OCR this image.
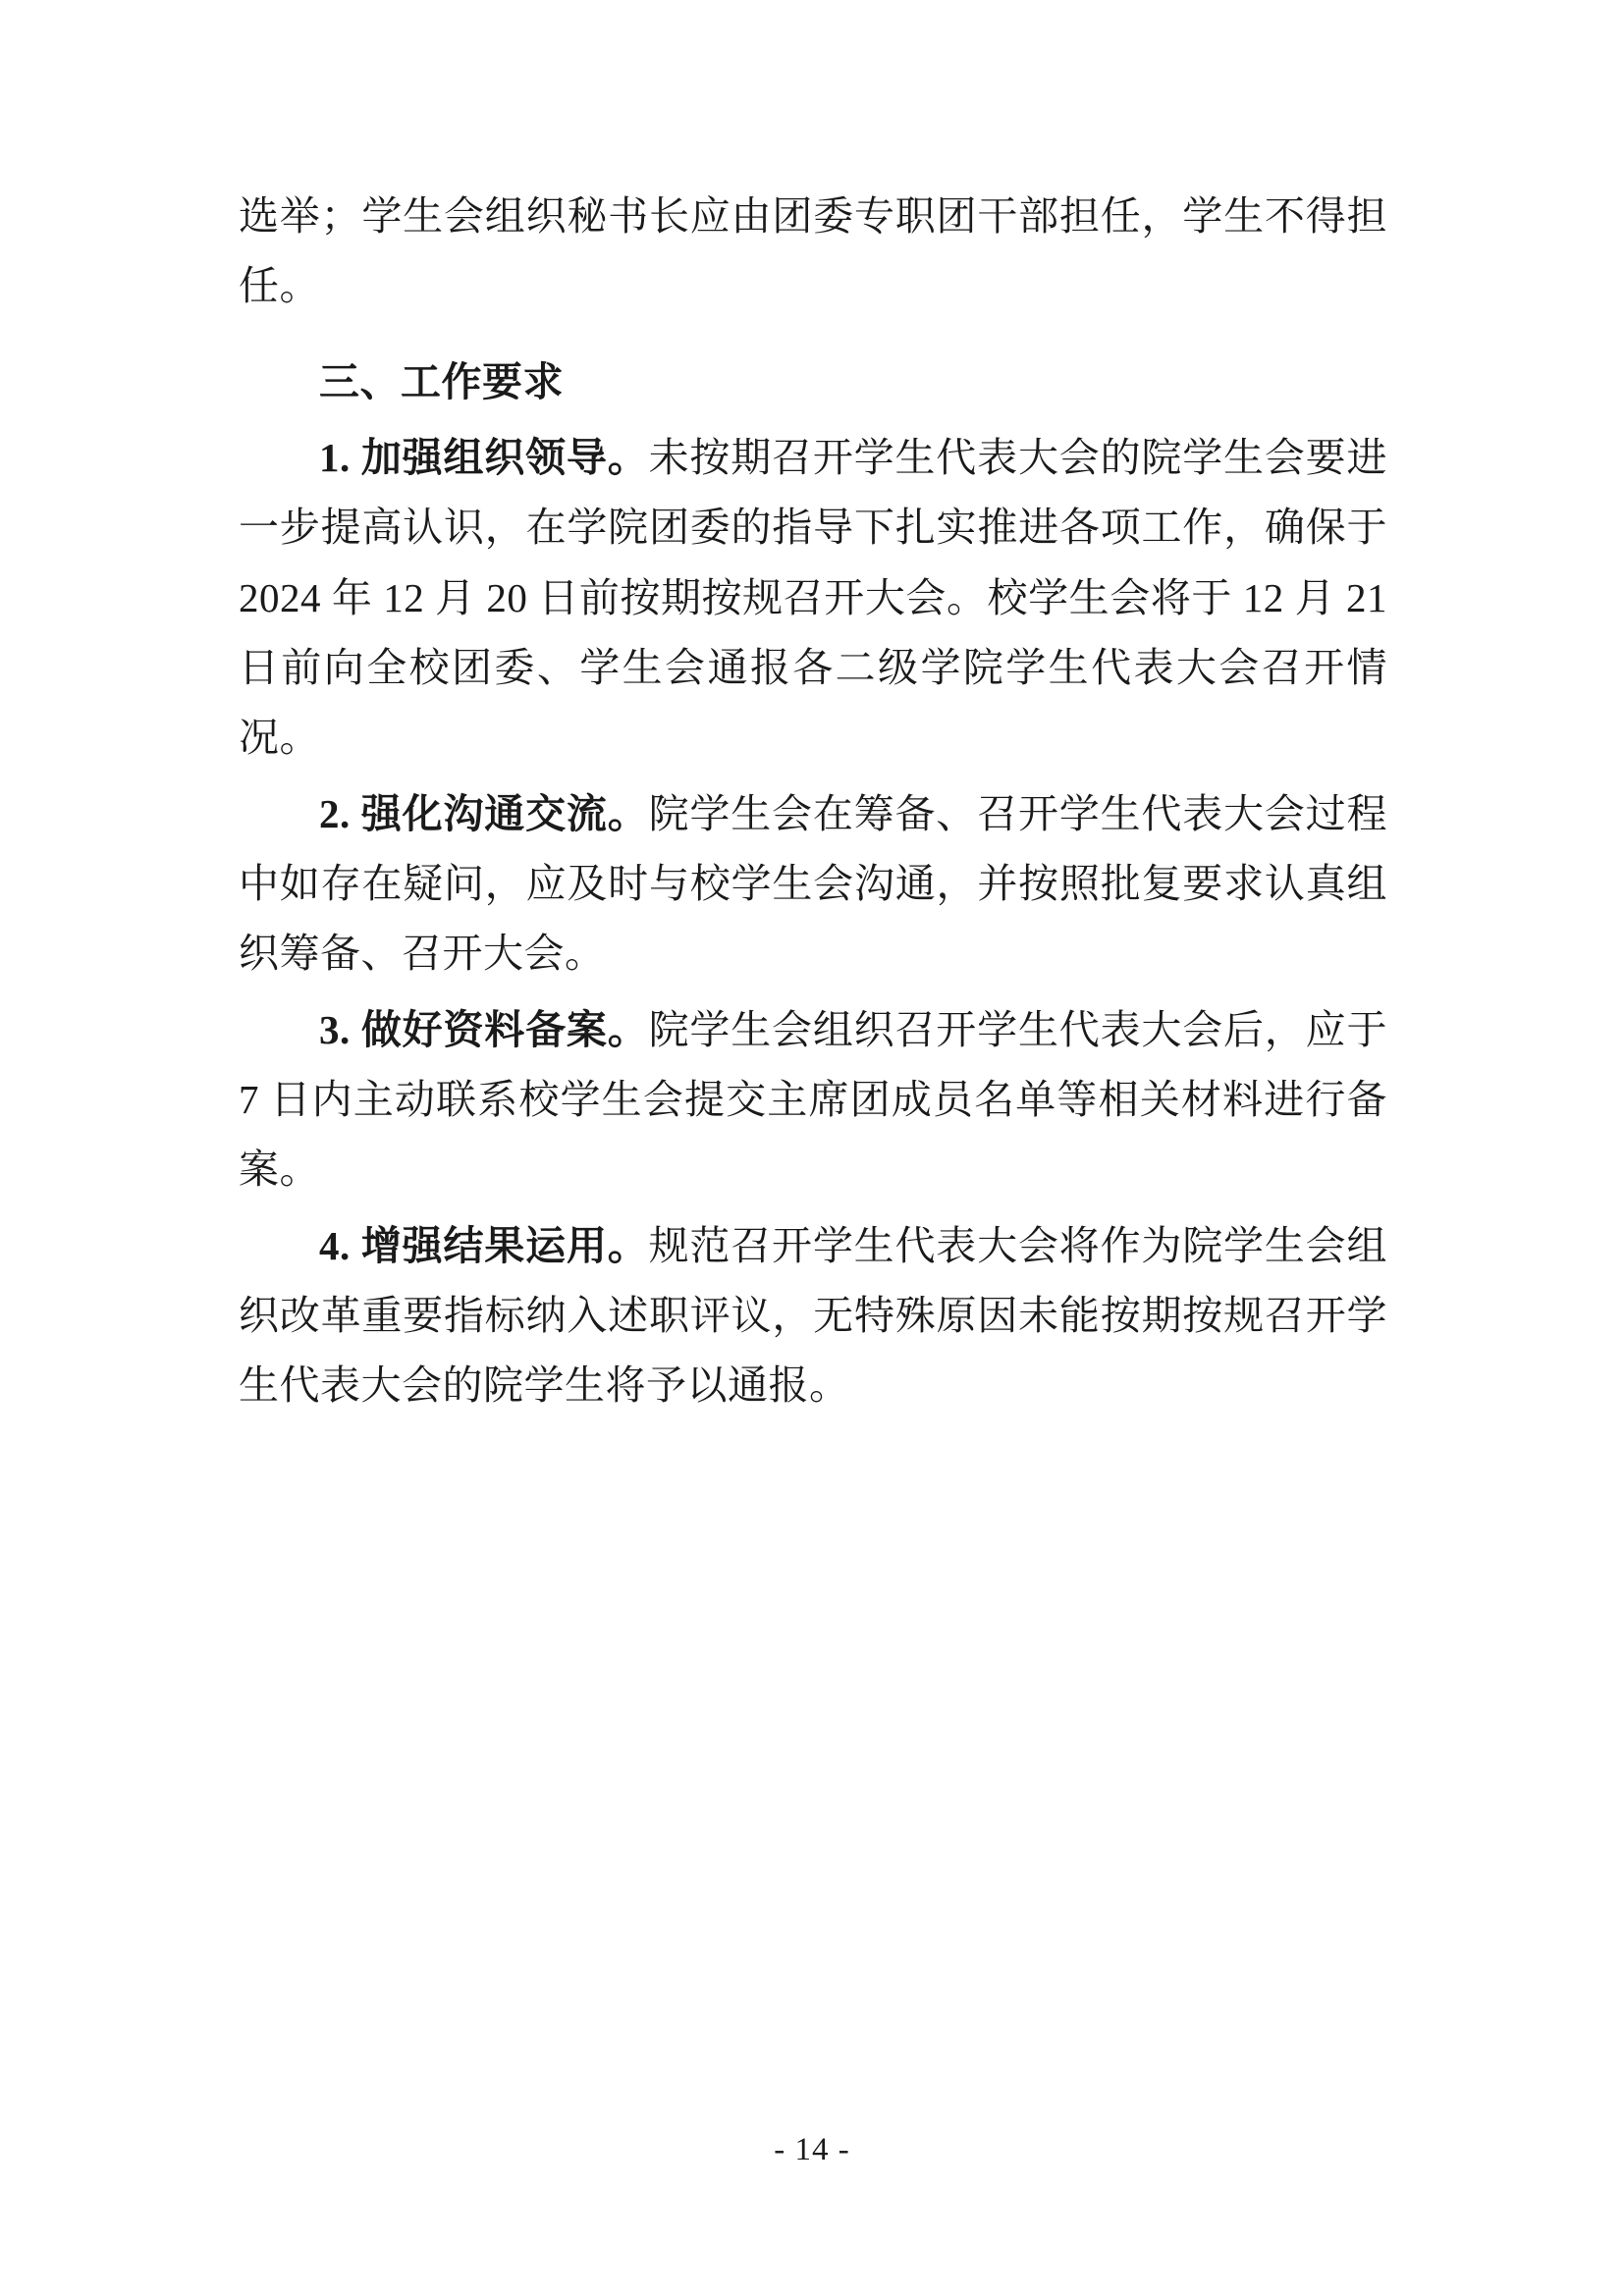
选举；学生会组织秘书长应由团委专职团干部担任，学生不得担任。

三、工作要求

1. 加强组织领导。未按期召开学生代表大会的院学生会要进一步提高认识，在学院团委的指导下扎实推进各项工作，确保于 2024 年 12 月 20 日前按期按规召开大会。校学生会将于 12 月 21 日前向全校团委、学生会通报各二级学院学生代表大会召开情况。

2. 强化沟通交流。院学生会在筹备、召开学生代表大会过程中如存在疑问，应及时与校学生会沟通，并按照批复要求认真组织筹备、召开大会。

3. 做好资料备案。院学生会组织召开学生代表大会后，应于 7 日内主动联系校学生会提交主席团成员名单等相关材料进行备案。

4. 增强结果运用。规范召开学生代表大会将作为院学生会组织改革重要指标纳入述职评议，无特殊原因未能按期按规召开学生代表大会的院学生将予以通报。

- 14 -
